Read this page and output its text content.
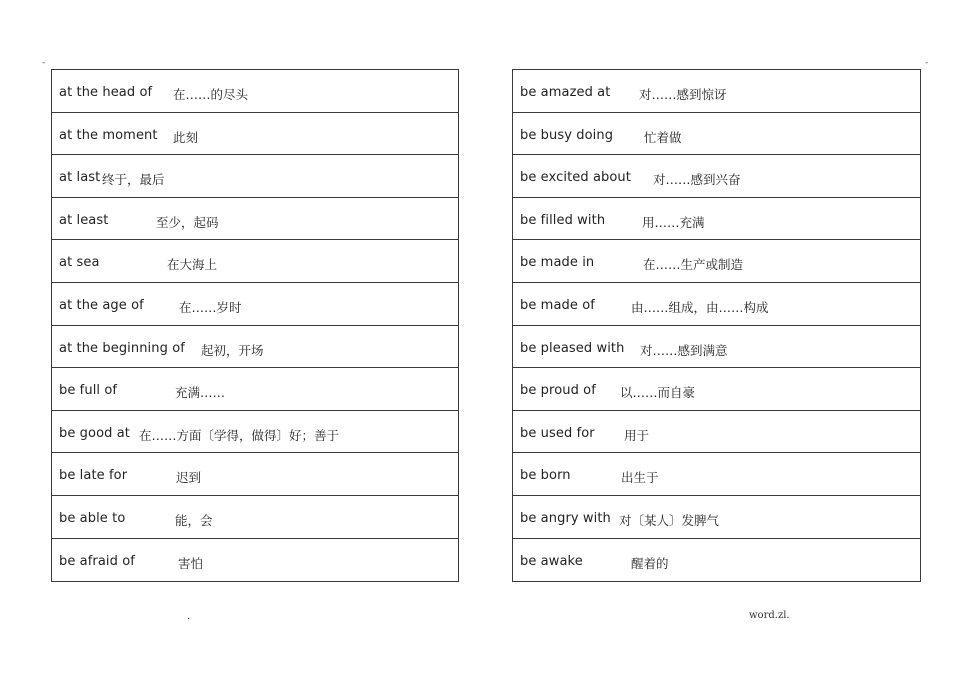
-	-
at the head of 在……的尽头
at the moment 此刻
at last 终于，最后
at least	至少，起码
at sea	在大海上
at the age of	在……岁时
at the beginning of 起初，开场
be full of	充满……
be good at 在……方面〔学得，做得〕好；善于
be late for	迟到
be able to	能，会
be afraid of	害怕
be amazed at 对……感到惊讶
be busy doing 忙着做
be excited about 对……感到兴奋
be filled with	用……充满
be made in	在……生产或制造
be made of	由……组成，由……构成
be pleased with 对……感到满意
be proud of 以……而自豪
be used for 用于
be born	出生于
be angry with 对〔某人〕发脾气
be awake	醒着的
.	word.zl.
